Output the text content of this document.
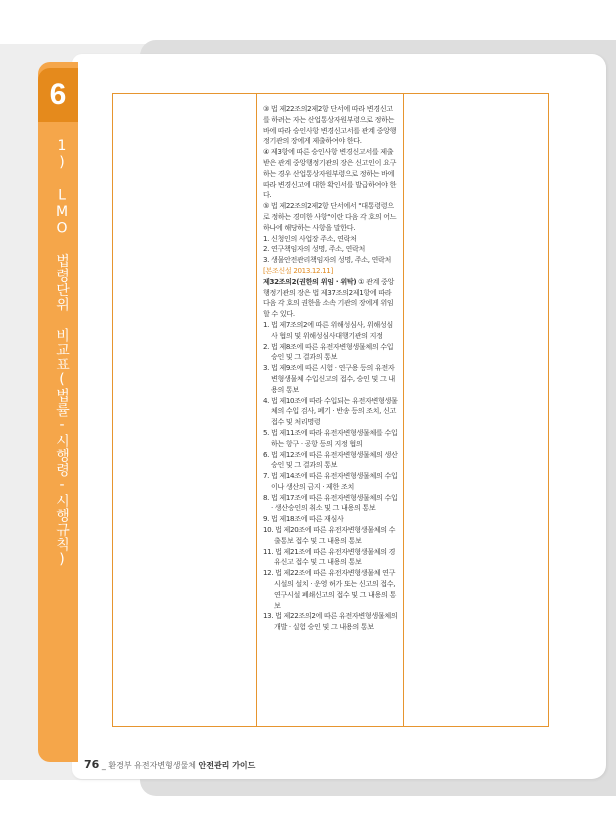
6
1) LMO 법령단위 비교표(법률-시행령-시행규칙)

③ 법 제22조의2제2항 단서에 따라 변경신고를 하려는 자는 산업통상자원부령으로 정하는 바에 따라 승인사항 변경신고서를 관계 중앙행정기관의 장에게 제출하여야 한다.

④ 제3항에 따른 승인사항 변경신고서를 제출받은 관계 중앙행정기관의 장은 신고인이 요구하는 경우 산업통상자원부령으로 정하는 바에 따라 변경신고에 대한 확인서를 발급하여야 한다.

⑤ 법 제22조의2제2항 단서에서 "대통령령으로 정하는 경미한 사항"이란 다음 각 호의 어느 하나에 해당하는 사항을 말한다.

1. 신청인의 사업장 주소, 연락처

2. 연구책임자의 성명, 주소, 연락처

3. 생물안전관리책임자의 성명, 주소, 연락처

[본조신설 2013.12.11]

제32조의2(권한의 위임 · 위탁) ① 관계 중앙행정기관의 장은 법 제37조의2제1항에 따라 다음 각 호의 권한을 소속 기관의 장에게 위임할 수 있다.

1. 법 제7조의2에 따른 위해성심사, 위해성심사 협의 및 위해성심사대행기관의 지정

2. 법 제8조에 따른 유전자변형생물체의 수입승인 및 그 결과의 통보

3. 법 제9조에 따른 시험 · 연구용 등의 유전자변형생물체 수입신고의 접수, 승인 및 그 내용의 통보

4. 법 제10조에 따라 수입되는 유전자변형생물체의 수입 검사, 폐기 · 반송 등의 조치, 신고 접수 및 처리명령

5. 법 제11조에 따라 유전자변형생물체를 수입하는 항구 · 공항 등의 지정 협의

6. 법 제12조에 따른 유전자변형생물체의 생산승인 및 그 결과의 통보

7. 법 제14조에 따른 유전자변형생물체의 수입이나 생산의 금지 · 제한 조치

8. 법 제17조에 따른 유전자변형생물체의 수입 · 생산승인의 취소 및 그 내용의 통보

9. 법 제18조에 따른 재심사

10. 법 제20조에 따른 유전자변형생물체의 수출통보 접수 및 그 내용의 통보

11. 법 제21조에 따른 유전자변형생물체의 경유신고 접수 및 그 내용의 통보

12. 법 제22조에 따른 유전자변형생물체 연구시설의 설치 · 운영 허가 또는 신고의 접수, 연구시설 폐쇄신고의 접수 및 그 내용의 통보

13. 법 제22조의2에 따른 유전자변형생물체의 개발 · 실험 승인 및 그 내용의 통보

76 _ 환경부 유전자변형생물체 안전관리 가이드
